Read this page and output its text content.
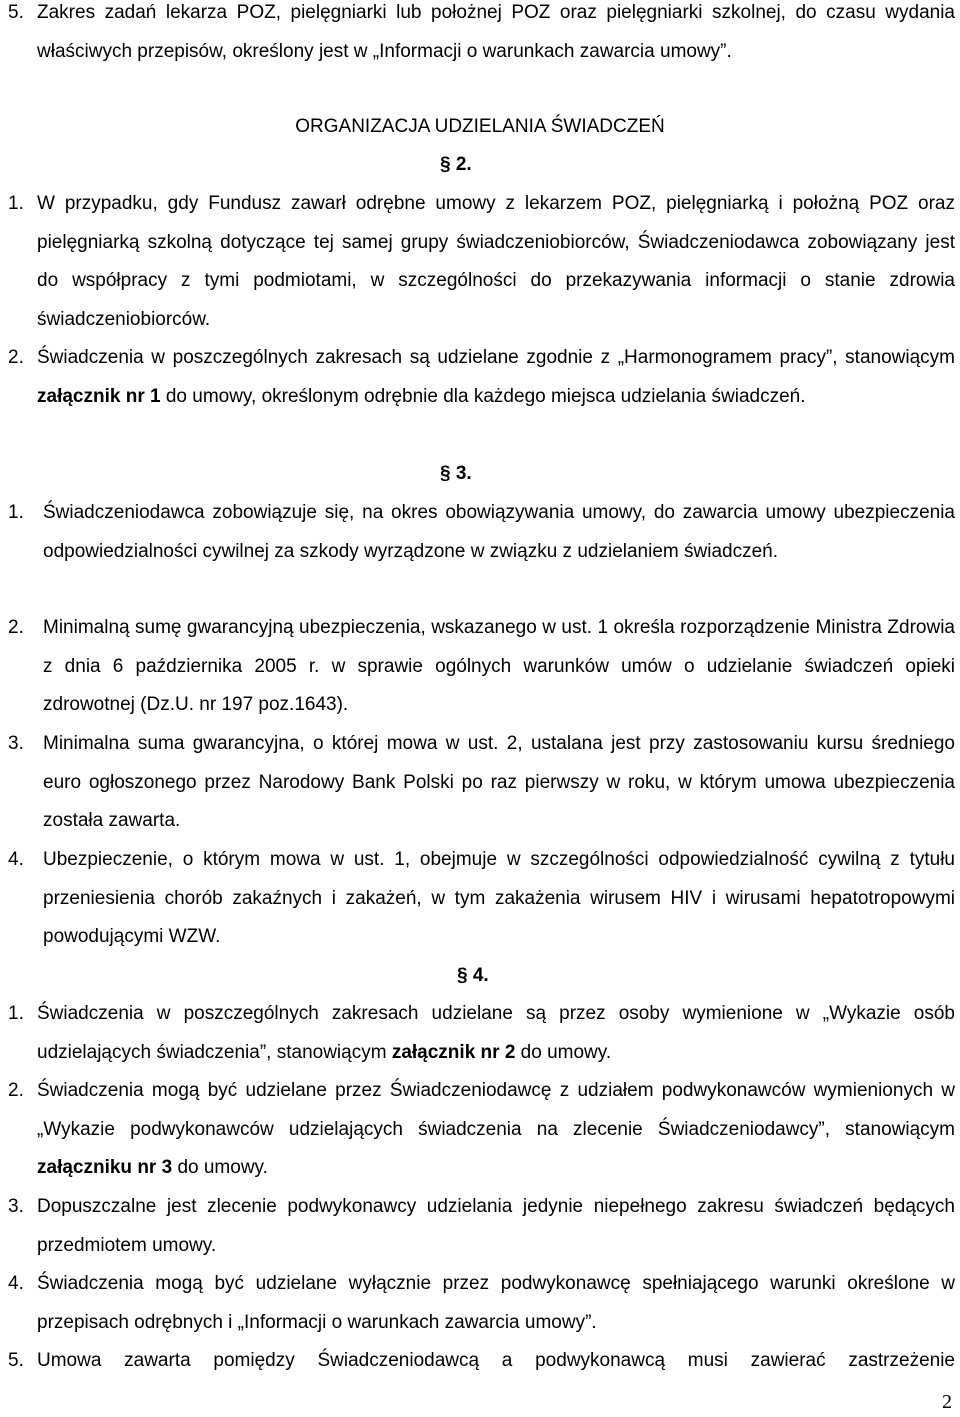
5. Zakres zadań lekarza POZ, pielęgniarki lub położnej POZ oraz pielęgniarki szkolnej, do czasu wydania właściwych przepisów, określony jest w „Informacji o warunkach zawarcia umowy”.
ORGANIZACJA UDZIELANIA ŚWIADCZEŃ
§ 2.
1. W przypadku, gdy Fundusz zawarł odrębne umowy z lekarzem POZ, pielęgniarką i położną POZ oraz pielęgniarką szkolną dotyczące tej samej grupy świadczeniobiorców, Świadczeniodawca zobowiązany jest do współpracy z tymi podmiotami, w szczególności do przekazywania informacji o stanie zdrowia świadczeniobiorców.
2. Świadczenia w poszczególnych zakresach są udzielane zgodnie z „Harmonogramem pracy”, stanowiącym załącznik nr 1 do umowy, określonym odrębnie dla każdego miejsca udzielania świadczeń.
§ 3.
1. Świadczeniodawca zobowiązuje się, na okres obowiązywania umowy, do zawarcia umowy ubezpieczenia odpowiedzialności cywilnej za szkody wyrządzone w związku z udzielaniem świadczeń.
2. Minimalną sumę gwarancyjną ubezpieczenia, wskazanego w ust. 1 określa rozporządzenie Ministra Zdrowia z dnia 6 października 2005 r. w sprawie ogólnych warunków umów o udzielanie świadczeń opieki zdrowotnej (Dz.U. nr 197 poz.1643).
3. Minimalna suma gwarancyjna, o której mowa w ust. 2, ustalana jest przy zastosowaniu kursu średniego euro ogłoszonego przez Narodowy Bank Polski po raz pierwszy w roku, w którym umowa ubezpieczenia została zawarta.
4. Ubezpieczenie, o którym mowa w ust. 1, obejmuje w szczególności odpowiedzialność cywilną z tytułu przeniesienia chorób zakaźnych i zakażeń, w tym zakażenia wirusem HIV i wirusami hepatotropowymi powodującymi WZW.
§ 4.
1. Świadczenia w poszczególnych zakresach udzielane są przez osoby wymienione w „Wykazie osób udzielających świadczenia”, stanowiącym załącznik nr 2 do umowy.
2. Świadczenia mogą być udzielane przez Świadczeniodawcę z udziałem podwykonawców wymienionych w „Wykazie podwykonawców udzielających świadczenia na zlecenie Świadczeniodawcy”, stanowiącym załączniku nr 3 do umowy.
3. Dopuszczalne jest zlecenie podwykonawcy udzielania jedynie niepełnego zakresu świadczeń będących przedmiotem umowy.
4. Świadczenia mogą być udzielane wyłącznie przez podwykonawcę spełniającego warunki określone w przepisach odrębnych i „Informacji o warunkach zawarcia umowy”.
5. Umowa zawarta pomiędzy Świadczeniodawcą a podwykonawcą musi zawierać zastrzeżenie
2
